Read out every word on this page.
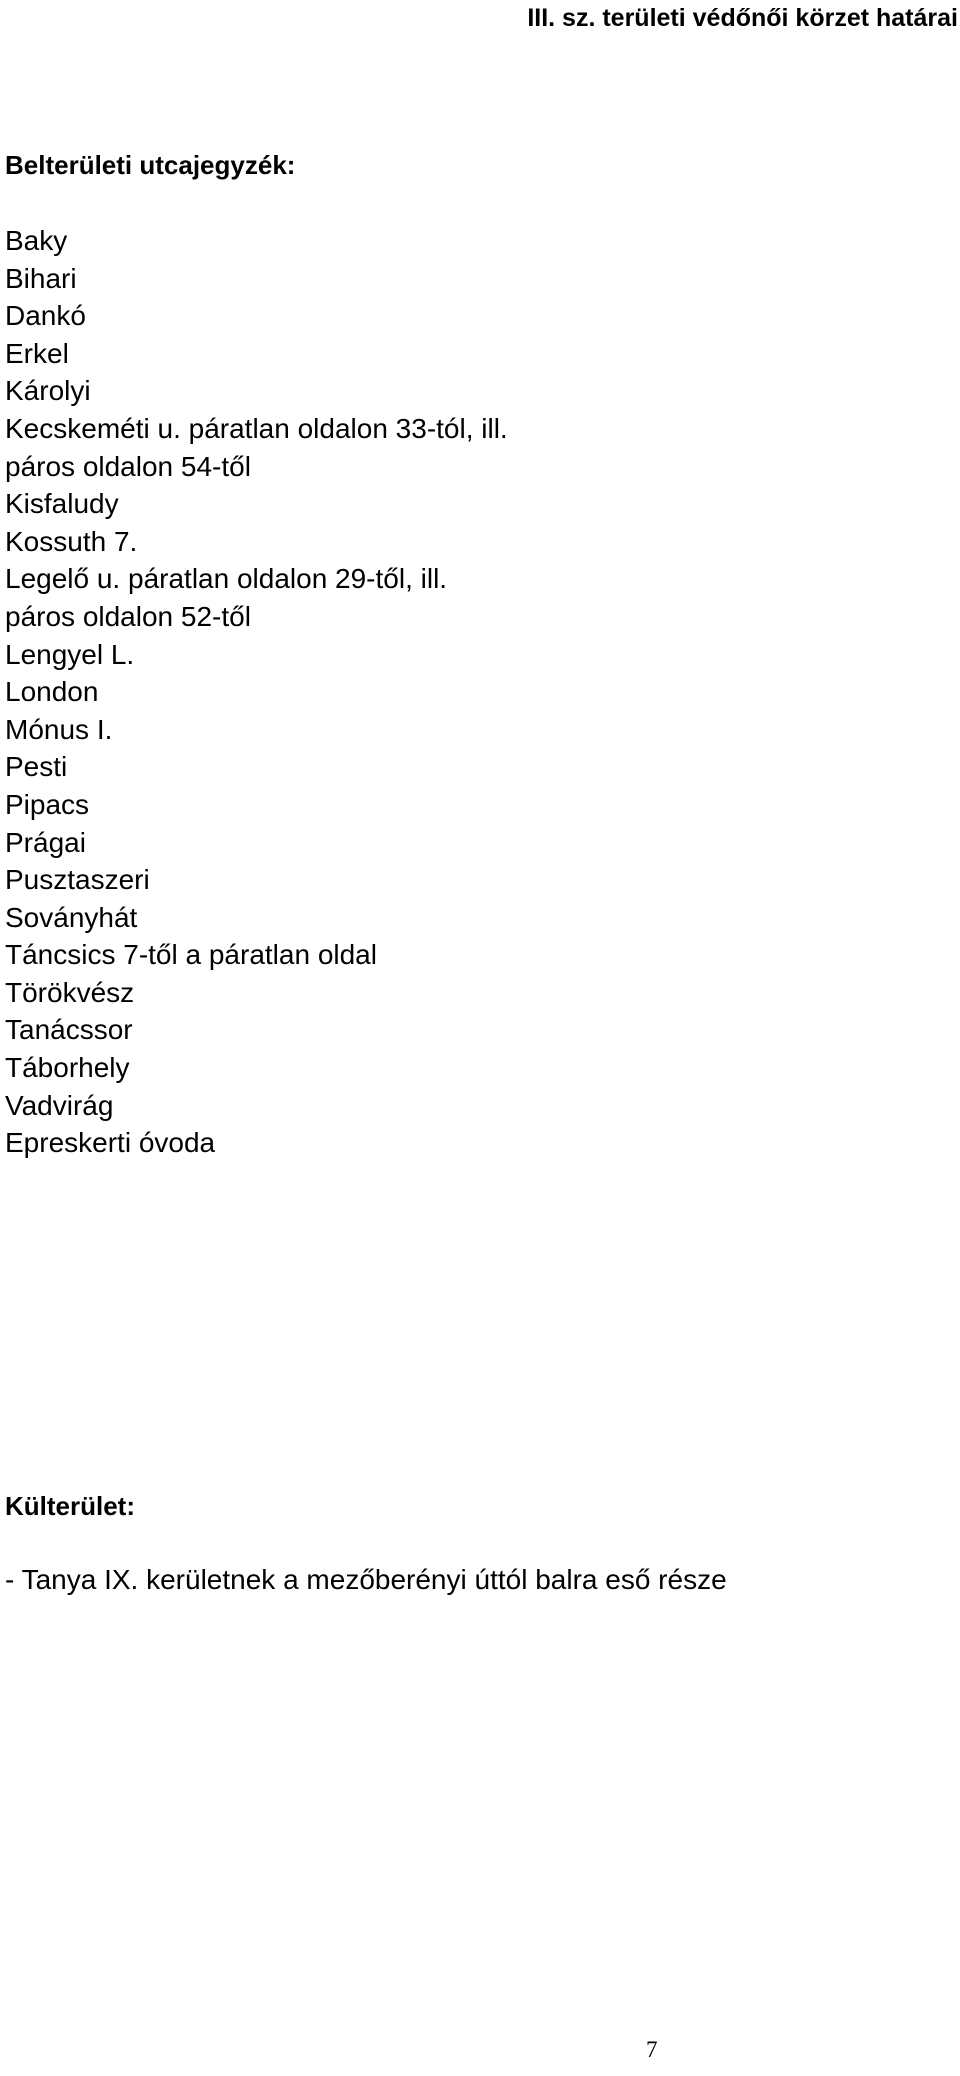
III. sz. területi védőnői körzet határai
Belterületi utcajegyzék:
Baky
Bihari
Dankó
Erkel
Károlyi
Kecskeméti u. páratlan oldalon 33-tól, ill.
páros oldalon 54-től
Kisfaludy
Kossuth 7.
Legelő u. páratlan oldalon 29-től, ill.
páros oldalon 52-től
Lengyel L.
London
Mónus I.
Pesti
Pipacs
Prágai
Pusztaszeri
Soványhát
Táncsics 7-től a páratlan oldal
Törökvész
Tanácssor
Táborhely
Vadvirág
Epreskerti óvoda
Külterület:
- Tanya IX. kerületnek a mezőberényi úttól balra eső része
7
